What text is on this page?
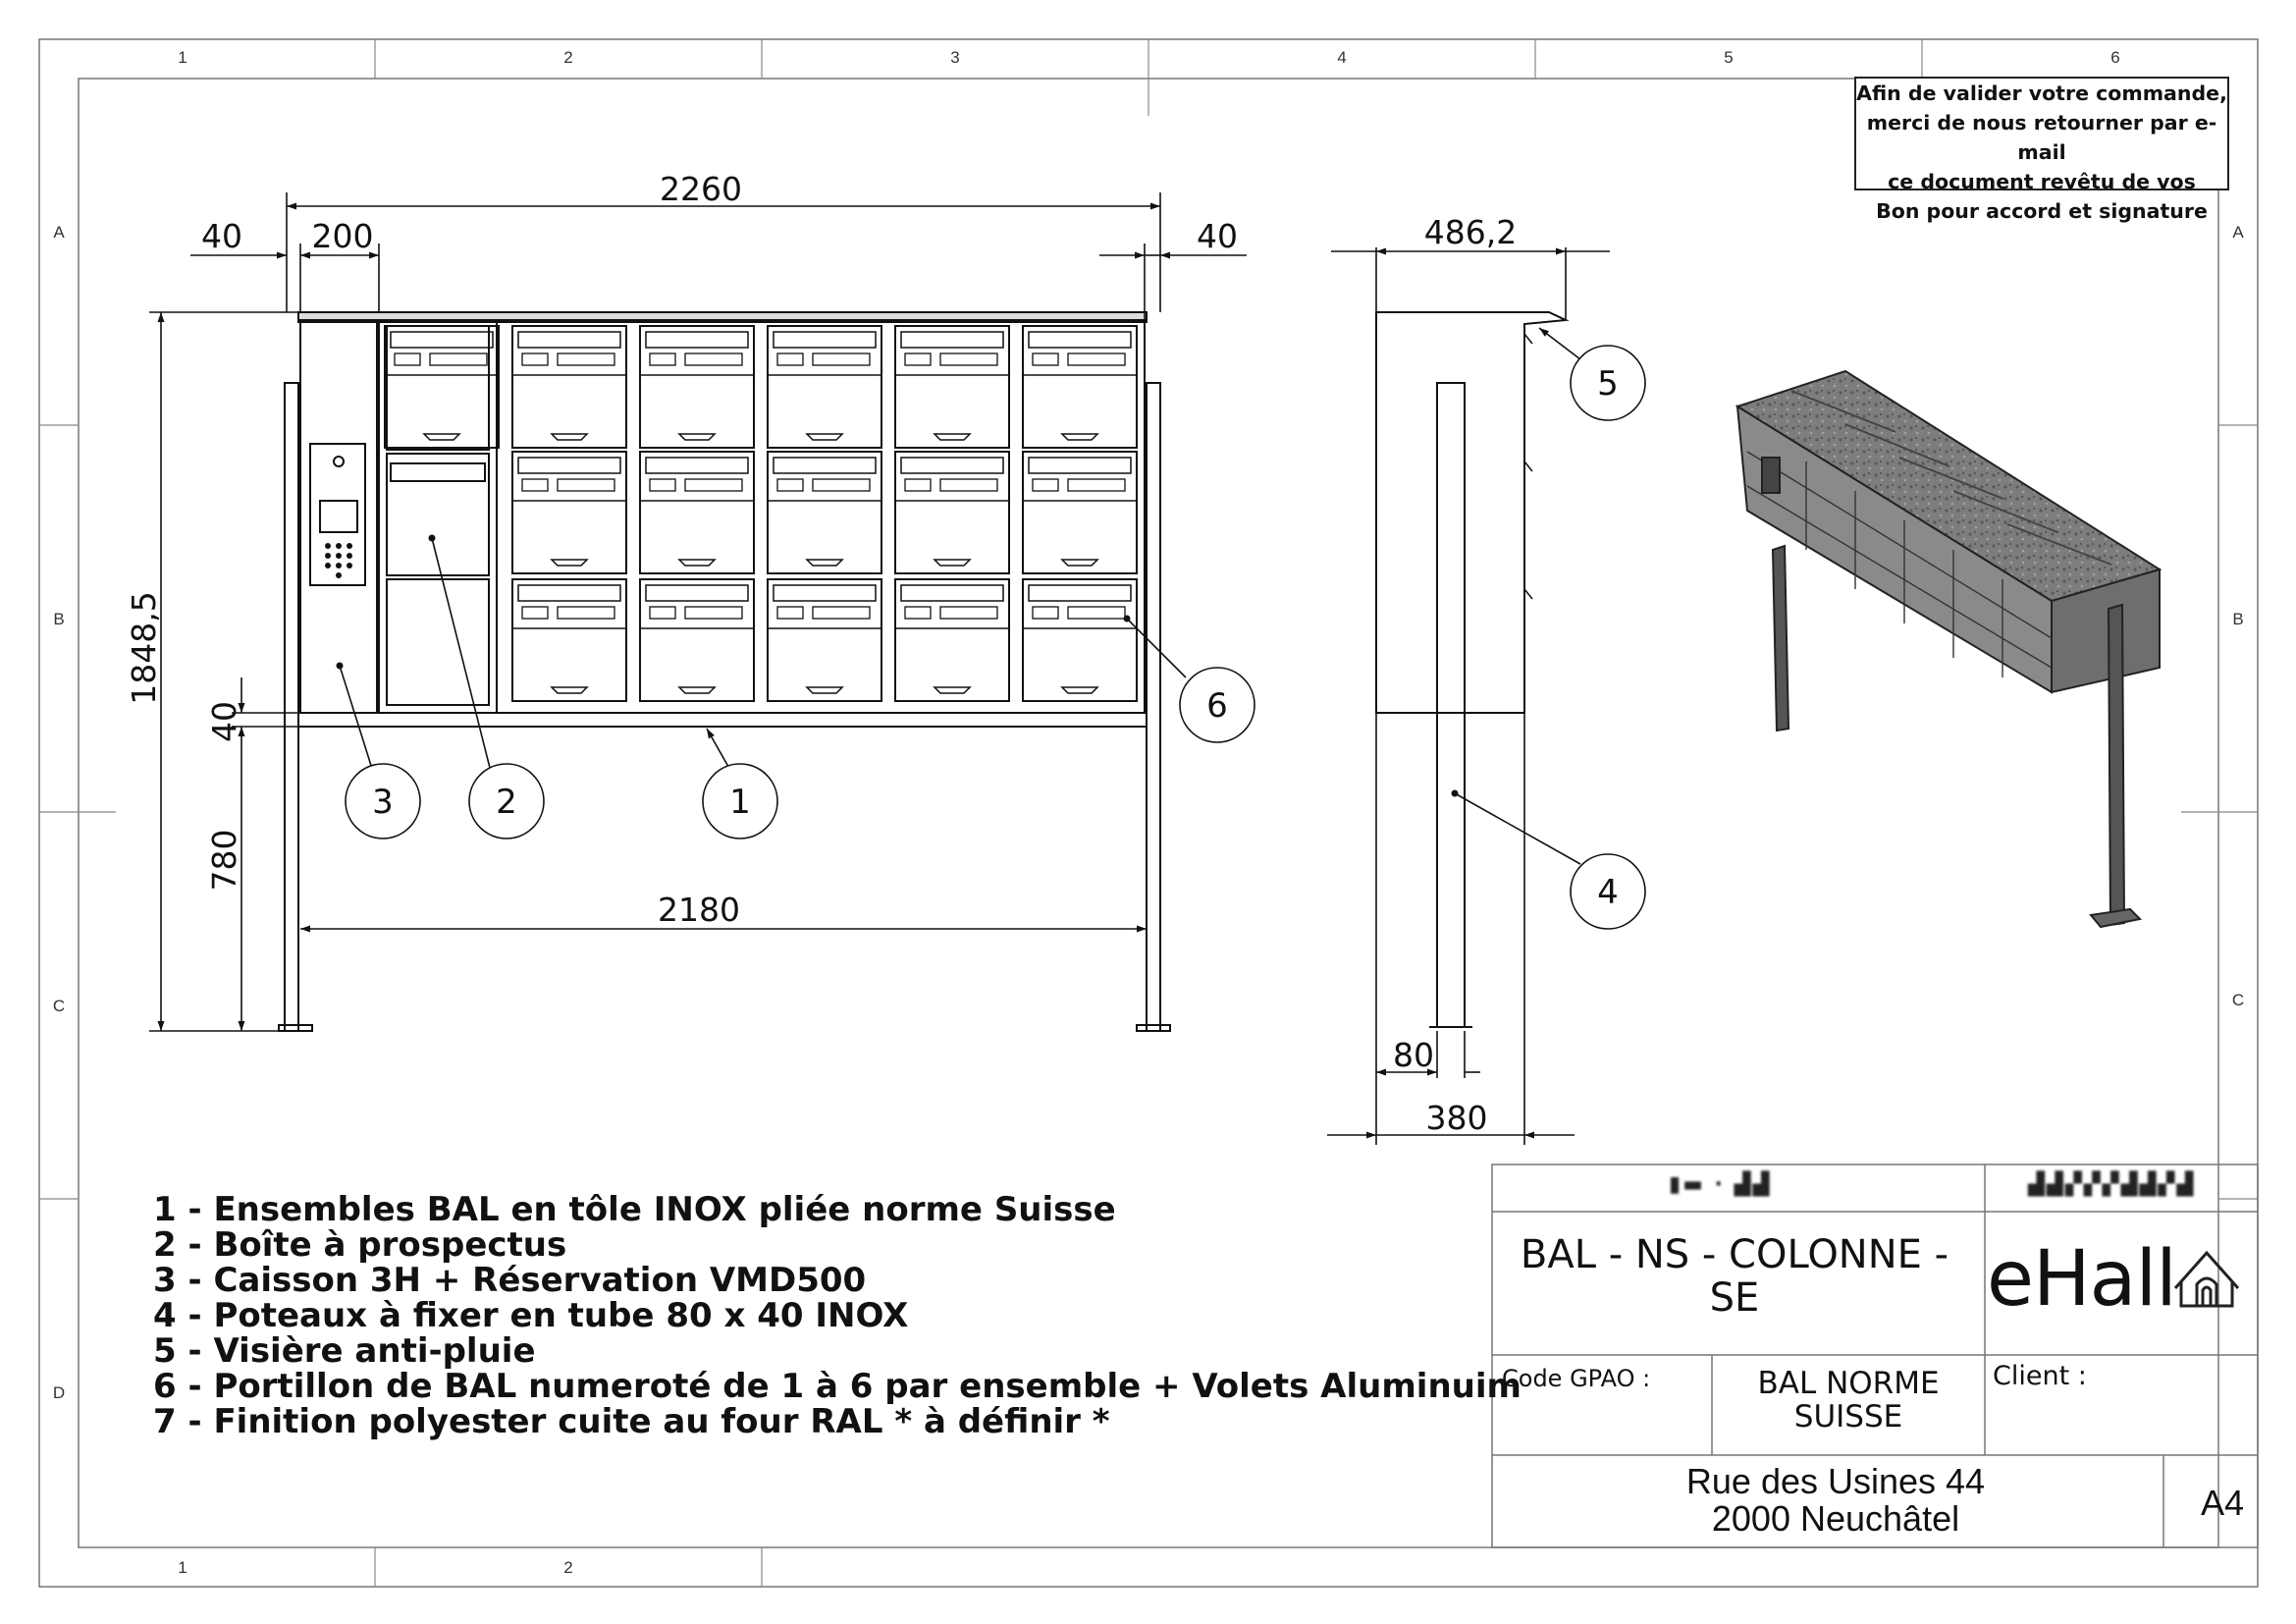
1	2	3	4	5	6
1	2
A
B
C
D
A
B
C
2260
40 200	40
1848,5
40
780
2180
486,2
80
380
1
2
3
4
5
6
Afin de valider votre commande,
merci de nous retourner par e-mail
ce document revêtu de vos
Bon pour accord et signature
1 - Ensembles BAL en tôle INOX pliée norme Suisse
2 - Boîte à prospectus
3 - Caisson 3H + Réservation VMD500
4 - Poteaux à fixer en tube 80 x 40 INOX
5 - Visière anti-pluie
6 - Portillon de BAL numeroté de 1 à 6 par ensemble + Volets Aluminuim
7 - Finition polyester cuite au four RAL * à définir *
▮▬ · ▟▟	▟▟▞▞▞▟▟▞▟
BAL - NS - COLONNE -
SE	eHall
Code GPAO :	BAL NORME
SUISSE
Client :
Rue des Usines 44
2000 Neuchâtel	A4
